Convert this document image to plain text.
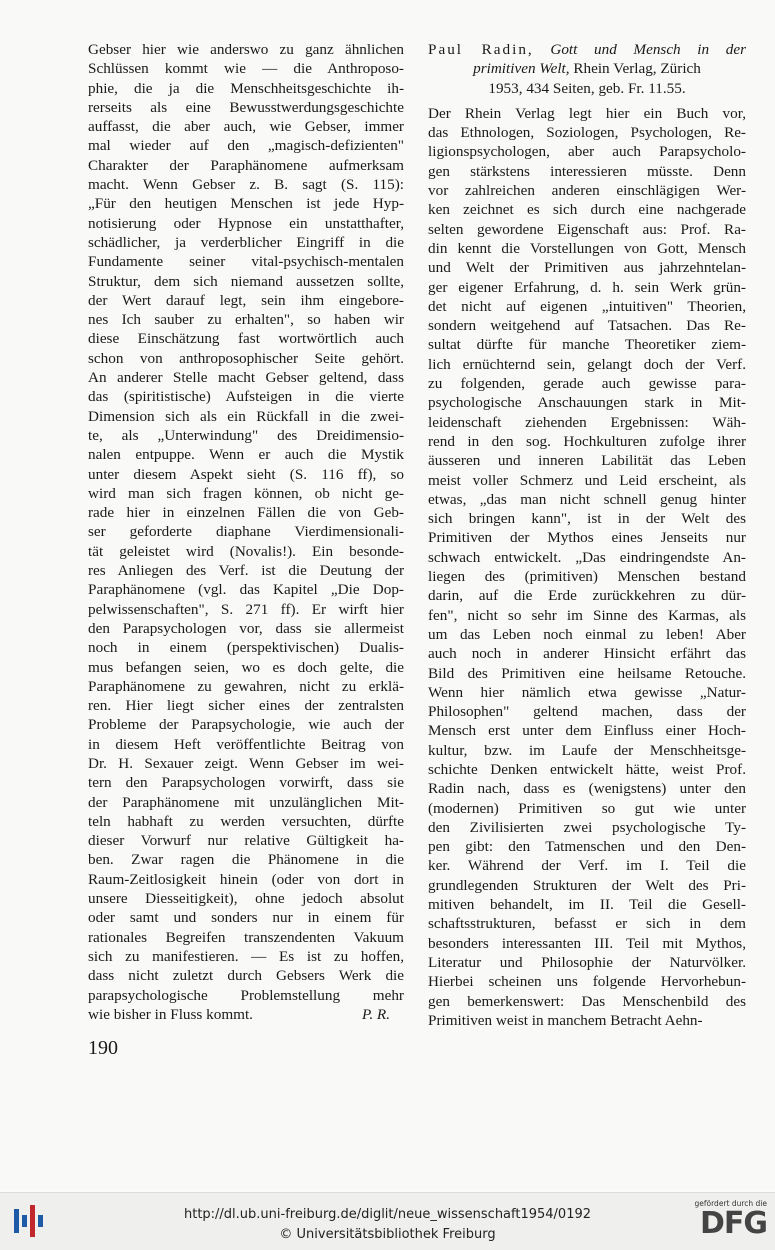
Gebser hier wie anderswo zu ganz ähnlichen
Schlüssen kommt wie — die Anthroposo-
phie, die ja die Menschheitsgeschichte ih-
rerseits als eine Bewusstwerdungsgeschichte
auffasst, die aber auch, wie Gebser, immer
mal wieder auf den „magisch-defizienten"
Charakter der Paraphänomene aufmerksam
macht. Wenn Gebser z. B. sagt (S. 115):
„Für den heutigen Menschen ist jede Hyp-
notisierung oder Hypnose ein unstatthafter,
schädlicher, ja verderblicher Eingriff in die
Fundamente seiner vital-psychisch-mentalen
Struktur, dem sich niemand aussetzen sollte,
der Wert darauf legt, sein ihm eingebore-
nes Ich sauber zu erhalten", so haben wir
diese Einschätzung fast wortwörtlich auch
schon von anthroposophischer Seite gehört.
An anderer Stelle macht Gebser geltend, dass
das (spiritistische) Aufsteigen in die vierte
Dimension sich als ein Rückfall in die zwei-
te, als „Unterwindung" des Dreidimensio-
nalen entpuppe. Wenn er auch die Mystik
unter diesem Aspekt sieht (S. 116 ff), so
wird man sich fragen können, ob nicht ge-
rade hier in einzelnen Fällen die von Geb-
ser geforderte diaphane Vierdimensionali-
tät geleistet wird (Novalis!). Ein besonde-
res Anliegen des Verf. ist die Deutung der
Paraphänomene (vgl. das Kapitel „Die Dop-
pelwissenschaften", S. 271 ff). Er wirft hier
den Parapsychologen vor, dass sie allermeist
noch in einem (perspektivischen) Dualis-
mus befangen seien, wo es doch gelte, die
Paraphänomene zu gewahren, nicht zu erklä-
ren. Hier liegt sicher eines der zentralsten
Probleme der Parapsychologie, wie auch der
in diesem Heft veröffentlichte Beitrag von
Dr. H. Sexauer zeigt. Wenn Gebser im wei-
tern den Parapsychologen vorwirft, dass sie
der Paraphänomene mit unzulänglichen Mit-
teln habhaft zu werden versuchten, dürfte
dieser Vorwurf nur relative Gültigkeit ha-
ben. Zwar ragen die Phänomene in die
Raum-Zeitlosigkeit hinein (oder von dort in
unsere Diesseitigkeit), ohne jedoch absolut
oder samt und sonders nur in einem für
rationales Begreifen transzendenten Vakuum
sich zu manifestieren. — Es ist zu hoffen,
dass nicht zuletzt durch Gebsers Werk die
parapsychologische Problemstellung mehr
wie bisher in Fluss kommt.	P. R.
Paul Radin, Gott und Mensch in der
primitiven Welt, Rhein Verlag, Zürich
1953, 434 Seiten, geb. Fr. 11.55.
Der Rhein Verlag legt hier ein Buch vor,
das Ethnologen, Soziologen, Psychologen, Re-
ligionspsychologen, aber auch Parapsycholo-
gen stärkstens interessieren müsste. Denn
vor zahlreichen anderen einschlägigen Wer-
ken zeichnet es sich durch eine nachgerade
selten gewordene Eigenschaft aus: Prof. Ra-
din kennt die Vorstellungen von Gott, Mensch
und Welt der Primitiven aus jahrzehntelan-
ger eigener Erfahrung, d. h. sein Werk grün-
det nicht auf eigenen „intuitiven" Theorien,
sondern weitgehend auf Tatsachen. Das Re-
sultat dürfte für manche Theoretiker ziem-
lich ernüchternd sein, gelangt doch der Verf.
zu folgenden, gerade auch gewisse para-
psychologische Anschauungen stark in Mit-
leidenschaft ziehenden Ergebnissen: Wäh-
rend in den sog. Hochkulturen zufolge ihrer
äusseren und inneren Labilität das Leben
meist voller Schmerz und Leid erscheint, als
etwas, „das man nicht schnell genug hinter
sich bringen kann", ist in der Welt des
Primitiven der Mythos eines Jenseits nur
schwach entwickelt. „Das eindringendste An-
liegen des (primitiven) Menschen bestand
darin, auf die Erde zurückkehren zu dür-
fen", nicht so sehr im Sinne des Karmas, als
um das Leben noch einmal zu leben! Aber
auch noch in anderer Hinsicht erfährt das
Bild des Primitiven eine heilsame Retouche.
Wenn hier nämlich etwa gewisse „Natur-
Philosophen" geltend machen, dass der
Mensch erst unter dem Einfluss einer Hoch-
kultur, bzw. im Laufe der Menschheitsge-
schichte Denken entwickelt hätte, weist Prof.
Radin nach, dass es (wenigstens) unter den
(modernen) Primitiven so gut wie unter
den Zivilisierten zwei psychologische Ty-
pen gibt: den Tatmenschen und den Den-
ker. Während der Verf. im I. Teil die
grundlegenden Strukturen der Welt des Pri-
mitiven behandelt, im II. Teil die Gesell-
schaftsstrukturen, befasst er sich in dem
besonders interessanten III. Teil mit Mythos,
Literatur und Philosophie der Naturvölker.
Hierbei scheinen uns folgende Hervorhebun-
gen bemerkenswert: Das Menschenbild des
Primitiven weist in manchem Betracht Aehn-
190
http://dl.ub.uni-freiburg.de/diglit/neue_wissenschaft1954/0192
© Universitätsbibliothek Freiburg
gefördert durch die
DFG
